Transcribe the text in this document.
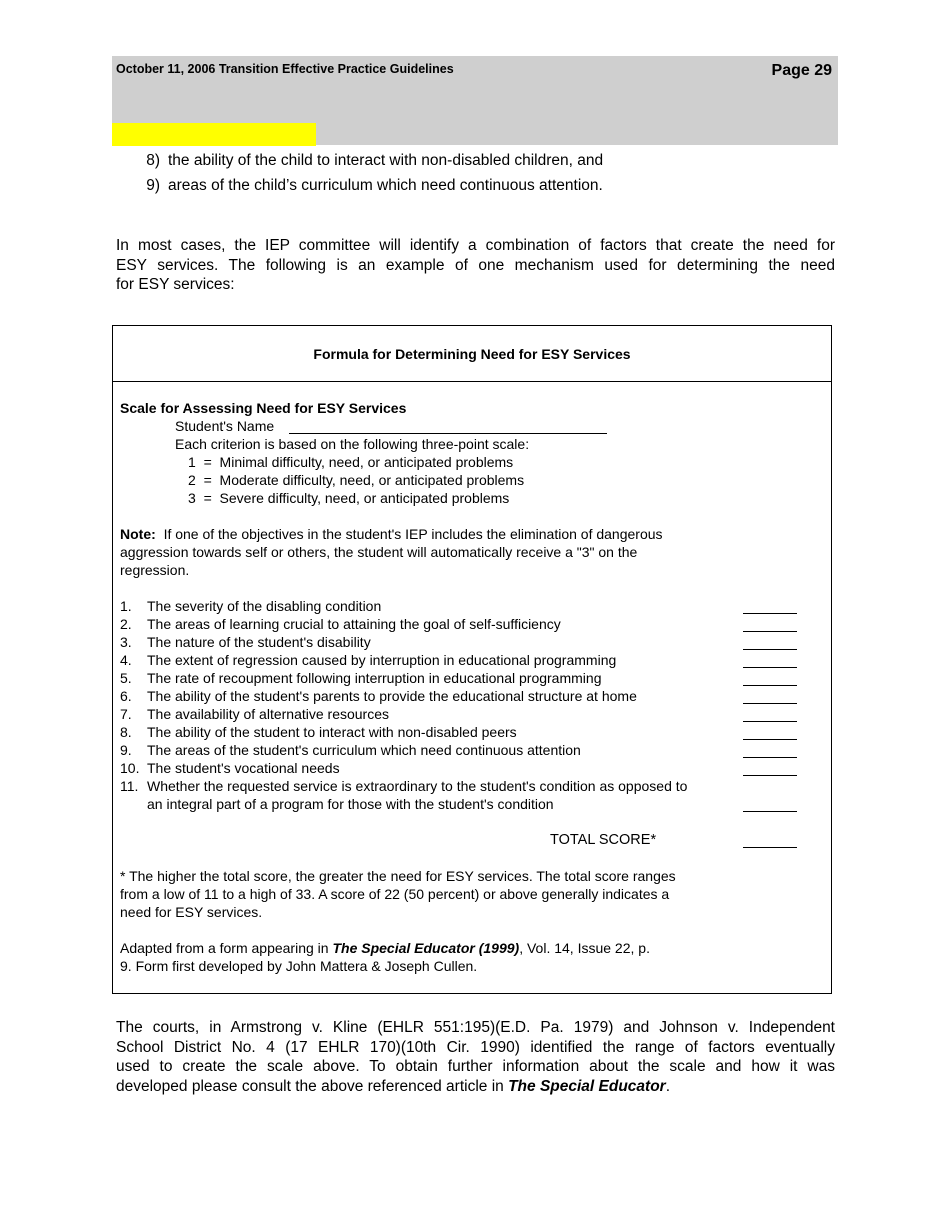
October 11, 2006 Transition Effective Practice Guidelines	Page 29
8) the ability of the child to interact with non-disabled children, and
9) areas of the child’s curriculum which need continuous attention.
In most cases, the IEP committee will identify a combination of factors that create the need for
ESY services. The following is an example of one mechanism used for determining the need
for ESY services:
Formula for Determining Need for ESY Services
Scale for Assessing Need for ESY Services
Student's Name
Each criterion is based on the following three-point scale:
1 = Minimal difficulty, need, or anticipated problems
2 = Moderate difficulty, need, or anticipated problems
3 = Severe difficulty, need, or anticipated problems
Note: If one of the objectives in the student's IEP includes the elimination of dangerous
aggression towards self or others, the student will automatically receive a "3" on the
regression.
1. The severity of the disabling condition
2. The areas of learning crucial to attaining the goal of self-sufficiency
3. The nature of the student's disability
4. The extent of regression caused by interruption in educational programming
5. The rate of recoupment following interruption in educational programming
6. The ability of the student's parents to provide the educational structure at home
7. The availability of alternative resources
8. The ability of the student to interact with non-disabled peers
9. The areas of the student's curriculum which need continuous attention
10. The student's vocational needs
11. Whether the requested service is extraordinary to the student's condition as opposed to
an integral part of a program for those with the student's condition
TOTAL SCORE*
* The higher the total score, the greater the need for ESY services. The total score ranges
from a low of 11 to a high of 33. A score of 22 (50 percent) or above generally indicates a
need for ESY services.
Adapted from a form appearing in The Special Educator (1999), Vol. 14, Issue 22, p.
9. Form first developed by John Mattera & Joseph Cullen.
The courts, in Armstrong v. Kline (EHLR 551:195)(E.D. Pa. 1979) and Johnson v. Independent
School District No. 4 (17 EHLR 170)(10th Cir. 1990) identified the range of factors eventually
used to create the scale above. To obtain further information about the scale and how it was
developed please consult the above referenced article in The Special Educator.
